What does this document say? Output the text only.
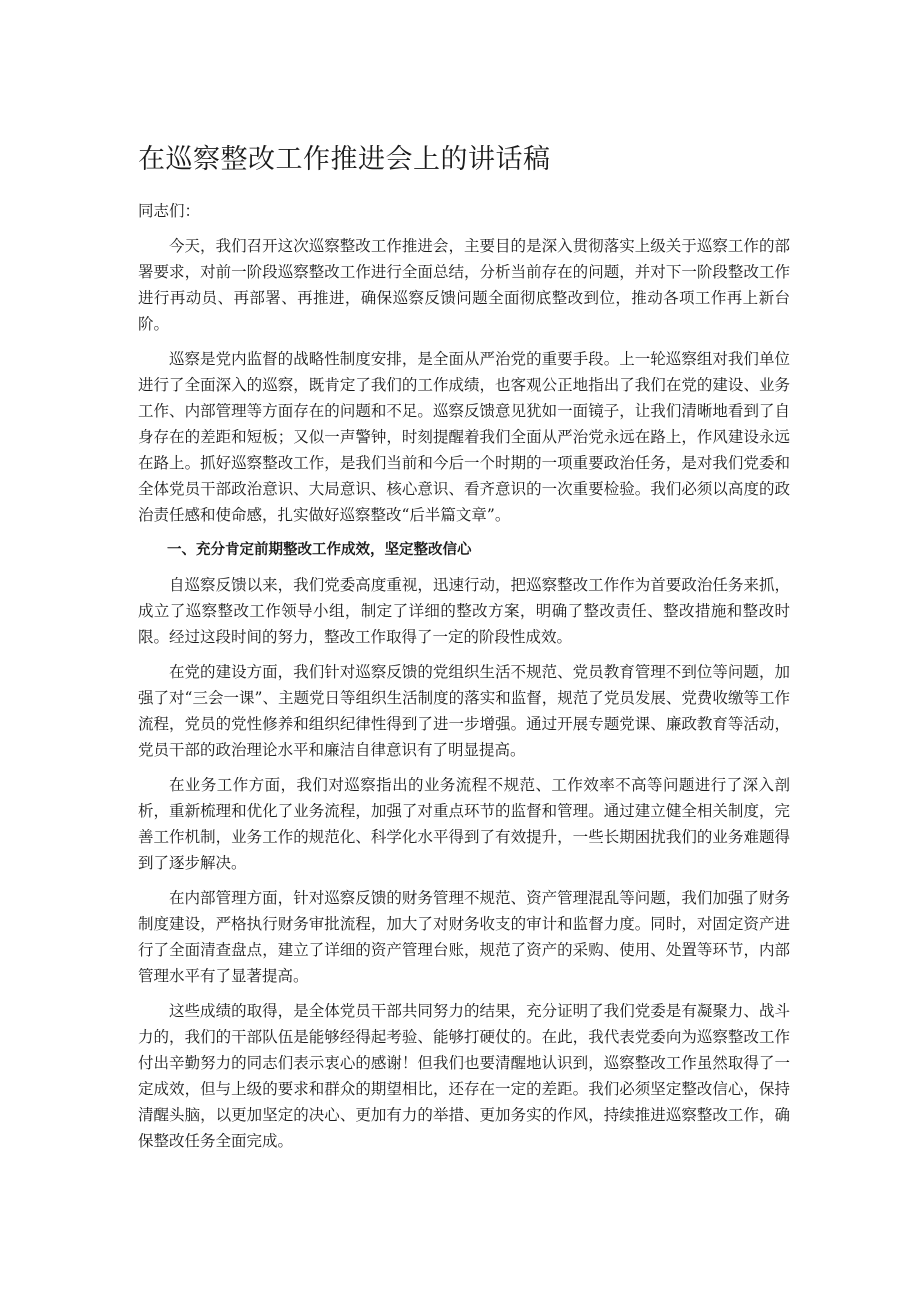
在巡察整改工作推进会上的讲话稿

同志们：

今天，我们召开这次巡察整改工作推进会，主要目的是深入贯彻落实上级关于巡察工作的部署要求，对前一阶段巡察整改工作进行全面总结，分析当前存在的问题，并对下一阶段整改工作进行再动员、再部署、再推进，确保巡察反馈问题全面彻底整改到位，推动各项工作再上新台阶。

巡察是党内监督的战略性制度安排，是全面从严治党的重要手段。上一轮巡察组对我们单位进行了全面深入的巡察，既肯定了我们的工作成绩，也客观公正地指出了我们在党的建设、业务工作、内部管理等方面存在的问题和不足。巡察反馈意见犹如一面镜子，让我们清晰地看到了自身存在的差距和短板；又似一声警钟，时刻提醒着我们全面从严治党永远在路上，作风建设永远在路上。抓好巡察整改工作，是我们当前和今后一个时期的一项重要政治任务，是对我们党委和全体党员干部政治意识、大局意识、核心意识、看齐意识的一次重要检验。我们必须以高度的政治责任感和使命感，扎实做好巡察整改“后半篇文章”。

一、充分肯定前期整改工作成效，坚定整改信心

自巡察反馈以来，我们党委高度重视，迅速行动，把巡察整改工作作为首要政治任务来抓，成立了巡察整改工作领导小组，制定了详细的整改方案，明确了整改责任、整改措施和整改时限。经过这段时间的努力，整改工作取得了一定的阶段性成效。

在党的建设方面，我们针对巡察反馈的党组织生活不规范、党员教育管理不到位等问题，加强了对“三会一课”、主题党日等组织生活制度的落实和监督，规范了党员发展、党费收缴等工作流程，党员的党性修养和组织纪律性得到了进一步增强。通过开展专题党课、廉政教育等活动，党员干部的政治理论水平和廉洁自律意识有了明显提高。

在业务工作方面，我们对巡察指出的业务流程不规范、工作效率不高等问题进行了深入剖析，重新梳理和优化了业务流程，加强了对重点环节的监督和管理。通过建立健全相关制度，完善工作机制，业务工作的规范化、科学化水平得到了有效提升，一些长期困扰我们的业务难题得到了逐步解决。

在内部管理方面，针对巡察反馈的财务管理不规范、资产管理混乱等问题，我们加强了财务制度建设，严格执行财务审批流程，加大了对财务收支的审计和监督力度。同时，对固定资产进行了全面清查盘点，建立了详细的资产管理台账，规范了资产的采购、使用、处置等环节，内部管理水平有了显著提高。

这些成绩的取得，是全体党员干部共同努力的结果，充分证明了我们党委是有凝聚力、战斗力的，我们的干部队伍是能够经得起考验、能够打硬仗的。在此，我代表党委向为巡察整改工作付出辛勤努力的同志们表示衷心的感谢！但我们也要清醒地认识到，巡察整改工作虽然取得了一定成效，但与上级的要求和群众的期望相比，还存在一定的差距。我们必须坚定整改信心，保持清醒头脑，以更加坚定的决心、更加有力的举措、更加务实的作风，持续推进巡察整改工作，确保整改任务全面完成。
